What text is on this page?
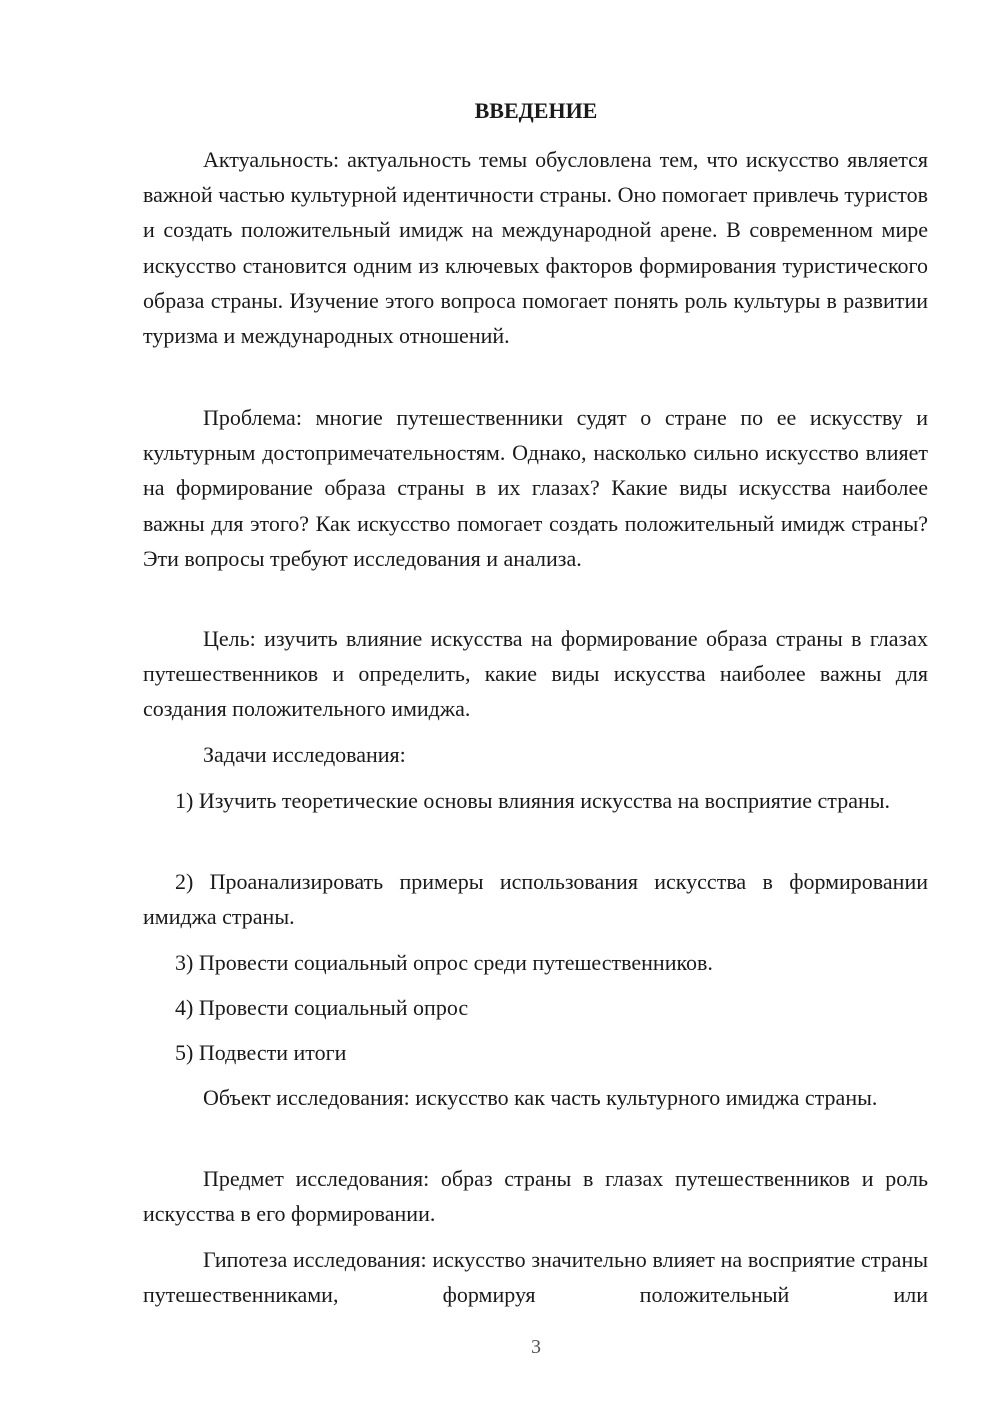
ВВЕДЕНИЕ

Актуальность: актуальность темы обусловлена тем, что искусство является важной частью культурной идентичности страны. Оно помогает привлечь туристов и создать положительный имидж на международной арене. В современном мире искусство становится одним из ключевых факторов формирования туристического образа страны. Изучение этого вопроса помогает понять роль культуры в развитии туризма и международных отношений.

Проблема: многие путешественники судят о стране по ее искусству и культурным достопримечательностям. Однако, насколько сильно искусство влияет на формирование образа страны в их глазах? Какие виды искусства наиболее важны для этого? Как искусство помогает создать положительный имидж страны? Эти вопросы требуют исследования и анализа.

Цель: изучить влияние искусства на формирование образа страны в глазах путешественников и определить, какие виды искусства наиболее важны для создания положительного имиджа.

Задачи исследования:

1) Изучить теоретические основы влияния искусства на восприятие страны.

2) Проанализировать примеры использования искусства в формировании имиджа страны.

3) Провести социальный опрос среди путешественников.

4) Провести социальный опрос

5) Подвести итоги

Объект исследования: искусство как часть культурного имиджа страны.

Предмет исследования: образ страны в глазах путешественников и роль искусства в его формировании.

Гипотеза исследования: искусство значительно влияет на восприятие страны путешественниками, формируя положительный или

3
